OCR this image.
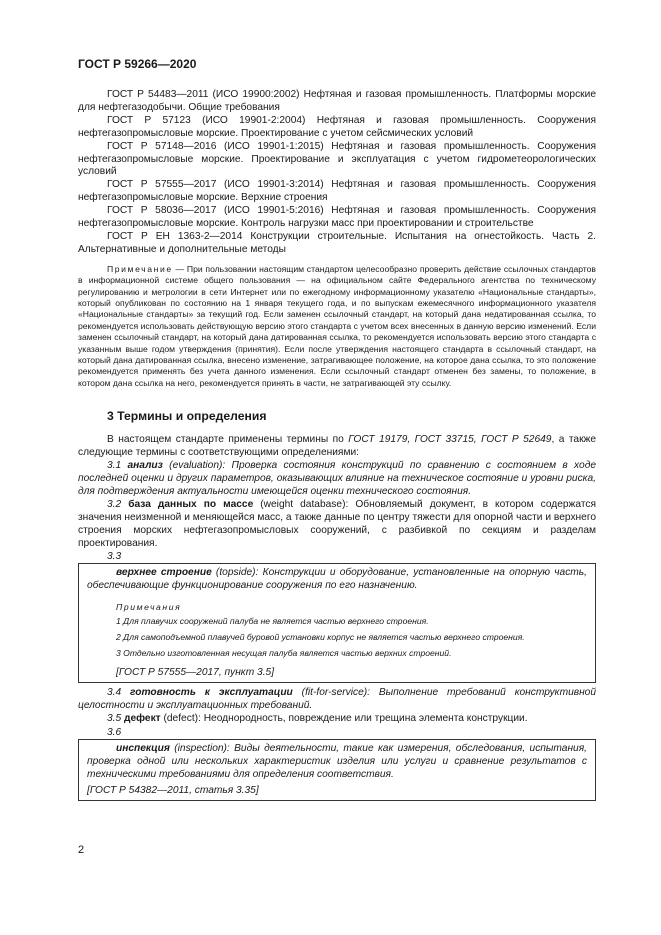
ГОСТ Р 59266—2020

ГОСТ Р 54483—2011 (ИСО 19900:2002) Нефтяная и газовая промышленность. Платформы морские для нефтегазодобычи. Общие требования

ГОСТ Р 57123 (ИСО 19901-2:2004) Нефтяная и газовая промышленность. Сооружения нефтегазопромысловые морские. Проектирование с учетом сейсмических условий

ГОСТ Р 57148—2016 (ИСО 19901-1:2015) Нефтяная и газовая промышленность. Сооружения нефтегазопромысловые морские. Проектирование и эксплуатация с учетом гидрометеорологических условий

ГОСТ Р 57555—2017 (ИСО 19901-3:2014) Нефтяная и газовая промышленность. Сооружения нефтегазопромысловые морские. Верхние строения

ГОСТ Р 58036—2017 (ИСО 19901-5:2016) Нефтяная и газовая промышленность. Сооружения нефтегазопромысловые морские. Контроль нагрузки масс при проектировании и строительстве

ГОСТ Р ЕН 1363-2—2014 Конструкции строительные. Испытания на огнестойкость. Часть 2. Альтернативные и дополнительные методы

Примечание — При пользовании настоящим стандартом целесообразно проверить действие ссылочных стандартов в информационной системе общего пользования — на официальном сайте Федерального агентства по техническому регулированию и метрологии в сети Интернет или по ежегодному информационному указателю «Национальные стандарты», который опубликован по состоянию на 1 января текущего года, и по выпускам ежемесячного информационного указателя «Национальные стандарты» за текущий год. Если заменен ссылочный стандарт, на который дана недатированная ссылка, то рекомендуется использовать действующую версию этого стандарта с учетом всех внесенных в данную версию изменений. Если заменен ссылочный стандарт, на который дана датированная ссылка, то рекомендуется использовать версию этого стандарта с указанным выше годом утверждения (принятия). Если после утверждения настоящего стандарта в ссылочный стандарт, на который дана датированная ссылка, внесено изменение, затрагивающее положение, на которое дана ссылка, то это положение рекомендуется применять без учета данного изменения. Если ссылочный стандарт отменен без замены, то положение, в котором дана ссылка на него, рекомендуется принять в части, не затрагивающей эту ссылку.

3 Термины и определения

В настоящем стандарте применены термины по ГОСТ 19179, ГОСТ 33715, ГОСТ Р 52649, а также следующие термины с соответствующими определениями:

3.1 анализ (evaluation): Проверка состояния конструкций по сравнению с состоянием в ходе последней оценки и других параметров, оказывающих влияние на техническое состояние и уровни риска, для подтверждения актуальности имеющейся оценки технического состояния.

3.2 база данных по массе (weight database): Обновляемый документ, в котором содержатся значения неизменной и меняющейся масс, а также данные по центру тяжести для опорной части и верхнего строения морских нефтегазопромысловых сооружений, с разбивкой по секциям и разделам проектирования.

3.3

верхнее строение (topside): Конструкции и оборудование, установленные на опорную часть, обеспечивающие функционирование сооружения по его назначению.

Примечания

1 Для плавучих сооружений палуба не является частью верхнего строения.

2 Для самоподъемной плавучей буровой установки корпус не является частью верхнего строения.

3 Отдельно изготовленная несущая палуба является частью верхних строений.

[ГОСТ Р 57555—2017, пункт 3.5]

3.4 готовность к эксплуатации (fit-for-service): Выполнение требований конструктивной целостности и эксплуатационных требований.

3.5 дефект (defect): Неоднородность, повреждение или трещина элемента конструкции.

3.6

инспекция (inspection): Виды деятельности, такие как измерения, обследования, испытания, проверка одной или нескольких характеристик изделия или услуги и сравнение результатов с техническими требованиями для определения соответствия.

[ГОСТ Р 54382—2011, статья 3.35]

2
